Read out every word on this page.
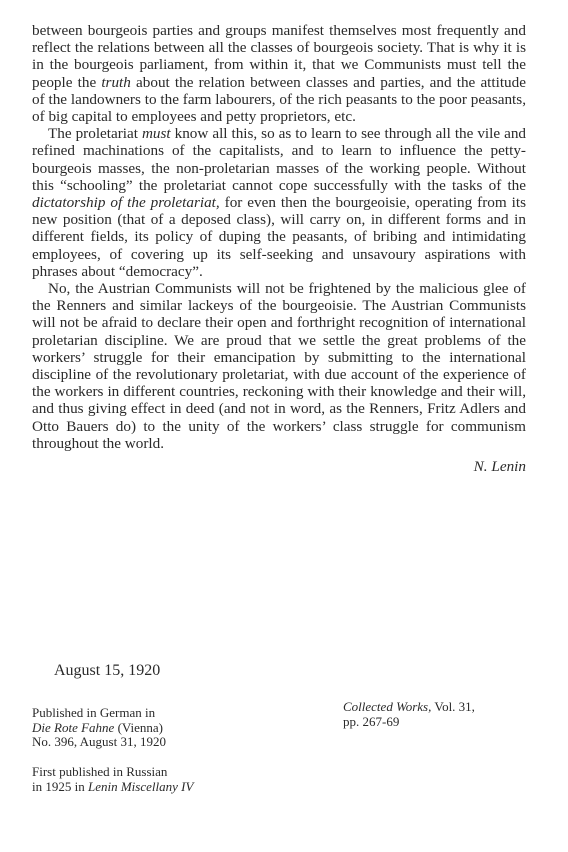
between bourgeois parties and groups manifest themselves most frequently and reflect the relations between all the classes of bourgeois society. That is why it is in the bourgeois parliament, from within it, that we Communists must tell the people the truth about the relation between classes and parties, and the attitude of the landowners to the farm labourers, of the rich peasants to the poor peasants, of big capital to employees and petty proprietors, etc.

The proletariat must know all this, so as to learn to see through all the vile and refined machinations of the capitalists, and to learn to influence the petty-bourgeois masses, the non-proletarian masses of the working people. Without this “schooling” the proletariat cannot cope successfully with the tasks of the dictatorship of the proletariat, for even then the bourgeoisie, operating from its new position (that of a deposed class), will carry on, in different forms and in different fields, its policy of duping the peasants, of bribing and intimidating employees, of covering up its self-seeking and unsavoury aspirations with phrases about “democracy”.

No, the Austrian Communists will not be frightened by the malicious glee of the Renners and similar lackeys of the bourgeoisie. The Austrian Communists will not be afraid to declare their open and forthright recognition of international proletarian discipline. We are proud that we settle the great problems of the workers’ struggle for their emancipation by submitting to the international discipline of the revolutionary proletariat, with due account of the experience of the workers in different countries, reckoning with their knowledge and their will, and thus giving effect in deed (and not in word, as the Renners, Fritz Adlers and Otto Bauers do) to the unity of the workers’ class struggle for communism throughout the world.

N. Lenin

August 15, 1920
Published in German in
Die Rote Fahne (Vienna)
No. 396, August 31, 1920
Collected Works, Vol. 31,
pp. 267-69
First published in Russian
in 1925 in Lenin Miscellany IV
